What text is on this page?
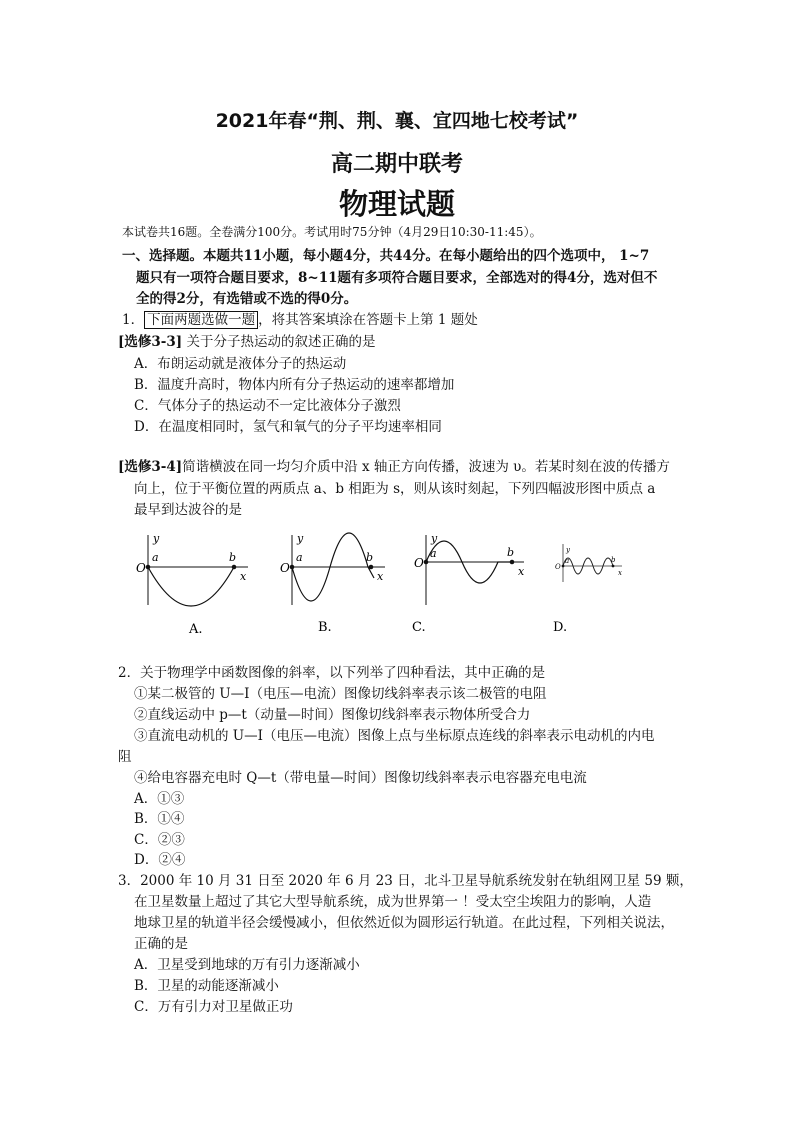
2021年春“荆、荆、襄、宜四地七校考试”
高二期中联考
物理试题
本试卷共16题。全卷满分100分。考试用时75分钟（4月29日10:30-11:45）。
一、选择题。本题共11小题，每小题4分，共44分。在每小题给出的四个选项中， 1~7
题只有一项符合题目要求，8~11题有多项符合题目要求，全部选对的得4分，选对但不
全的得2分，有选错或不选的得0分。
1． 下面两题选做一题 ，将其答案填涂在答题卡上第 1 题处
[选修3-3] 关于分子热运动的叙述正确的是
A．布朗运动就是液体分子的热运动
B．温度升高时，物体内所有分子热运动的速率都增加
C．气体分子的热运动不一定比液体分子激烈
D．在温度相同时，氢气和氧气的分子平均速率相同
[选修3-4]简谐横波在同一均匀介质中沿 x 轴正方向传播，波速为 υ。若某时刻在波的传播方
向上，位于平衡位置的两质点 a、b 相距为 s，则从该时刻起，下列四幅波形图中质点 a
最早到达波谷的是
y
a
O
b
x
A.
y
a
O
b
x
B.
y
a
O
b
x
C.
y
a
O
b
x
D.
2．关于物理学中函数图像的斜率，以下列举了四种看法，其中正确的是
①某二极管的 U—I（电压—电流）图像切线斜率表示该二极管的电阻
②直线运动中 p—t（动量—时间）图像切线斜率表示物体所受合力
③直流电动机的 U—I（电压—电流）图像上点与坐标原点连线的斜率表示电动机的内电
阻
④给电容器充电时 Q—t（带电量—时间）图像切线斜率表示电容器充电电流
A．①③
B．①④
C．②③
D．②④
3．2000 年 10 月 31 日至 2020 年 6 月 23 日，北斗卫星导航系统发射在轨组网卫星 59 颗，
在卫星数量上超过了其它大型导航系统，成为世界第一 ！受太空尘埃阻力的影响，人造
地球卫星的轨道半径会缓慢减小，但依然近似为圆形运行轨道。在此过程，下列相关说法，
正确的是
A．卫星受到地球的万有引力逐渐减小
B．卫星的动能逐渐减小
C．万有引力对卫星做正功
